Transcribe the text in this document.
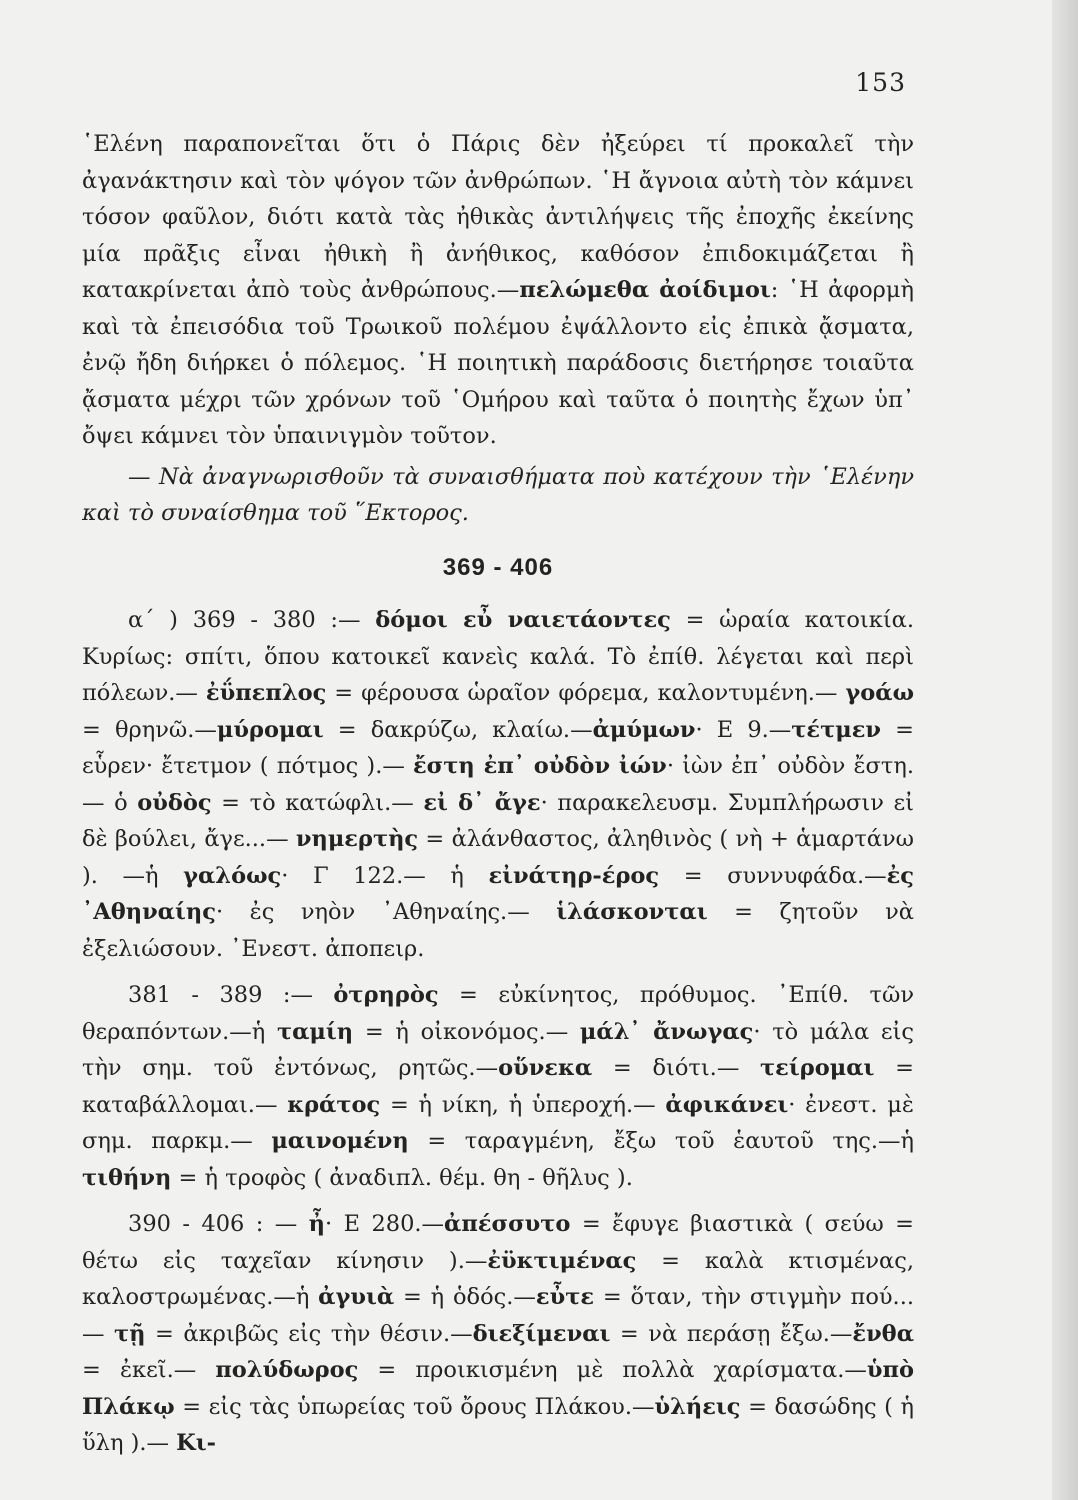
153

῾Ελένη παραπονεῖται ὅτι ὁ Πάρις δὲν ἠξεύρει τί προκαλεῖ τὴν ἀγανάκτησιν καὶ τὸν ψόγον τῶν ἀνθρώπων. ῾Η ἄγνοια αὐτὴ τὸν κάμνει τόσον φαῦλον, διότι κατὰ τὰς ἠθικὰς ἀντιλήψεις τῆς ἐποχῆς ἐκείνης μία πρᾶξις εἶναι ἠθικὴ ἢ ἀνήθικος, καθόσον ἐπιδοκιμάζεται ἢ κατακρίνεται ἀπὸ τοὺς ἀνθρώπους.—πελώμεθα ἀοίδιμοι: ῾Η ἀφορμὴ καὶ τὰ ἐπεισόδια τοῦ Τρωικοῦ πολέμου ἐψάλλοντο εἰς ἐπικὰ ᾄσματα, ἐνῷ ἤδη διήρκει ὁ πόλεμος. ῾Η ποιητικὴ παράδοσις διετήρησε τοιαῦτα ᾄσματα μέχρι τῶν χρόνων τοῦ ῾Ομήρου καὶ ταῦτα ὁ ποιητὴς ἔχων ὑπ᾽ ὄψει κάμνει τὸν ὑπαινιγμὸν τοῦτον.

— Νὰ ἀναγνωρισθοῦν τὰ συναισθήματα ποὺ κατέχουν τὴν ῾Ελένην καὶ τὸ συναίσθημα τοῦ ῞Εκτορος.

369 - 406

α΄ ) 369 - 380 :— δόμοι εὖ ναιετάοντες = ὡραία κατοικία. Κυρίως: σπίτι, ὅπου κατοικεῖ κανεὶς καλά. Τὸ ἐπίθ. λέγεται καὶ περὶ πόλεων.— ἐΰπεπλος = φέρουσα ὡραῖον φόρεμα, καλοντυμένη.— γοάω = θρηνῶ.—μύρομαι = δακρύζω, κλαίω.—ἀμύμων· Ε 9.—τέτμεν = εὗρεν· ἔτετμον ( πότμος ).— ἔστη ἐπ᾽ οὐδὸν ἰών· ἰὼν ἐπ᾽ οὐδὸν ἔστη.— ὁ οὐδὸς = τὸ κατώφλι.— εἰ δ᾽ ἄγε· παρακελευσμ. Συμπλήρωσιν εἰ δὲ βούλει, ἄγε...— νημερτὴς = ἀλάνθαστος, ἀληθινὸς ( νὴ + ἁμαρτάνω ). —ἡ γαλόως· Γ 122.— ἡ εἰνάτηρ-έρος = συννυφάδα.—ἐς ᾽Αθηναίης· ἐς νηὸν ᾽Αθηναίης.— ἱλάσκονται = ζητοῦν νὰ ἐξελιώσουν. ᾽Ενεστ. ἀποπειρ.

381 - 389 :— ὀτρηρὸς = εὐκίνητος, πρόθυμος. ᾽Επίθ. τῶν θεραπόντων.—ἡ ταμίη = ἡ οἰκονόμος.— μάλ᾽ ἄνωγας· τὸ μάλα εἰς τὴν σημ. τοῦ ἐντόνως, ρητῶς.—οὕνεκα = διότι.— τείρομαι = καταβάλλομαι.— κράτος = ἡ νίκη, ἡ ὑπεροχή.— ἀφικάνει· ἐνεστ. μὲ σημ. παρκμ.— μαινομένη = ταραγμένη, ἔξω τοῦ ἑαυτοῦ της.—ἡ τιθήνη = ἡ τροφὸς ( ἀναδιπλ. θέμ. θη - θῆλυς ).

390 - 406 : — ἦ· Ε 280.—ἀπέσσυτο = ἔφυγε βιαστικὰ ( σεύω = θέτω εἰς ταχεῖαν κίνησιν ).—ἐϋκτιμένας = καλὰ κτισμένας, καλοστρωμένας.—ἡ ἀγυιὰ = ἡ ὁδός.—εὖτε = ὅταν, τὴν στιγμὴν πού...— τῇ = ἀκριβῶς εἰς τὴν θέσιν.—διεξίμεναι = νὰ περάσῃ ἔξω.—ἔνθα = ἐκεῖ.— πολύδωρος = προικισμένη μὲ πολλὰ χαρίσματα.—ὑπὸ Πλάκῳ = εἰς τὰς ὑπωρείας τοῦ ὄρους Πλάκου.—ὑλήεις = δασώδης ( ἡ ὕλη ).— Κι-
